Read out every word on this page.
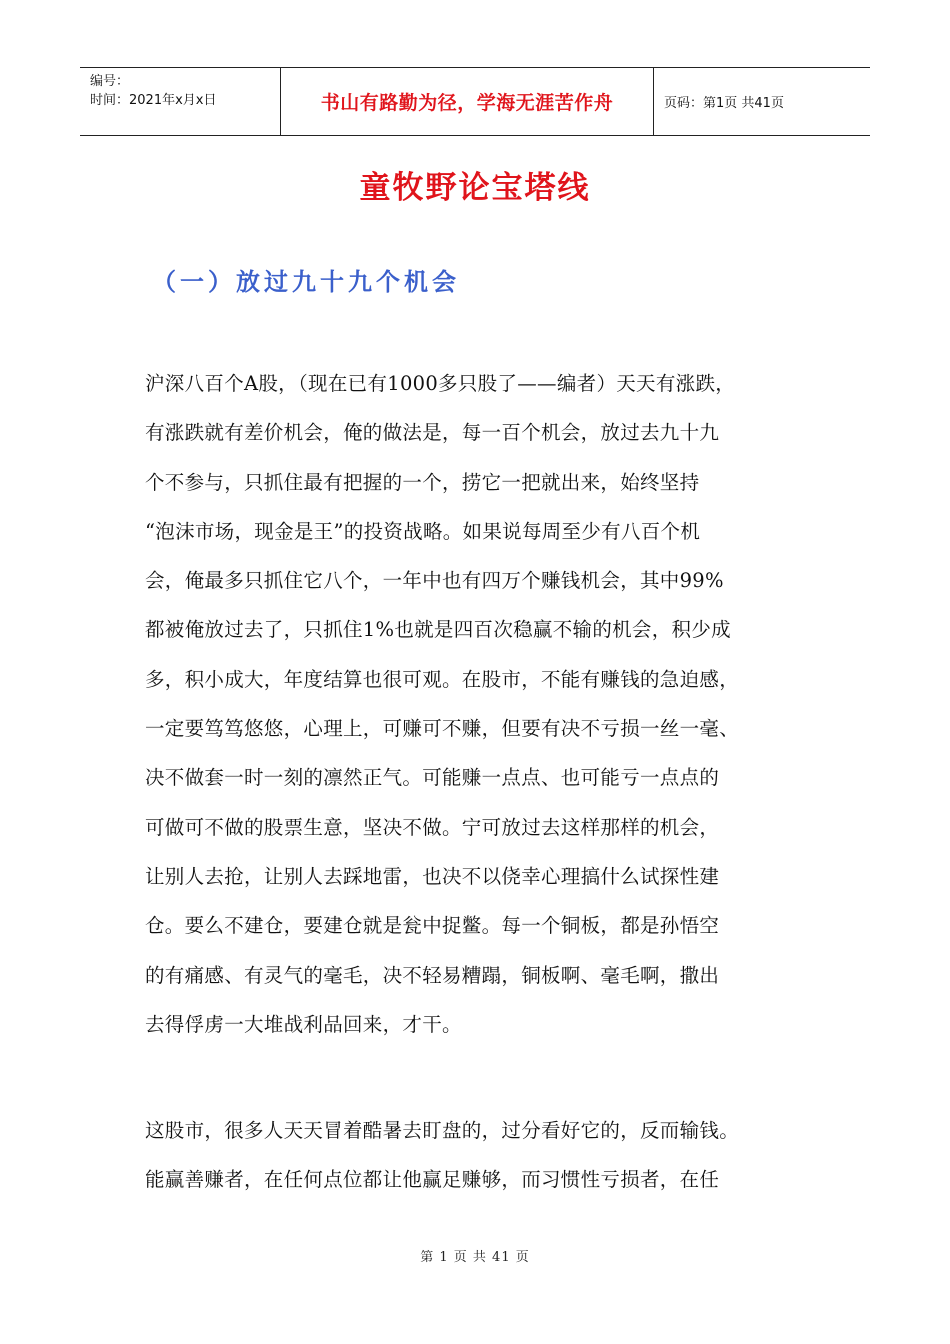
编号：
时间：2021年x月x日	书山有路勤为径，学海无涯苦作舟	页码：第1页 共41页
童牧野论宝塔线
（一）放过九十九个机会
沪深八百个A股，（现在已有1000多只股了——编者）天天有涨跌，
有涨跌就有差价机会，俺的做法是，每一百个机会，放过去九十九
个不参与，只抓住最有把握的一个，捞它一把就出来，始终坚持
“泡沫市场，现金是王”的投资战略。如果说每周至少有八百个机
会，俺最多只抓住它八个，一年中也有四万个赚钱机会，其中99%
都被俺放过去了，只抓住1%也就是四百次稳赢不输的机会，积少成
多，积小成大，年度结算也很可观。在股市，不能有赚钱的急迫感，
一定要笃笃悠悠，心理上，可赚可不赚，但要有决不亏损一丝一毫、
决不做套一时一刻的凛然正气。可能赚一点点、也可能亏一点点的
可做可不做的股票生意，坚决不做。宁可放过去这样那样的机会，
让别人去抢，让别人去踩地雷，也决不以侥幸心理搞什么试探性建
仓。要么不建仓，要建仓就是瓮中捉鳖。每一个铜板，都是孙悟空
的有痛感、有灵气的毫毛，决不轻易糟蹋，铜板啊、毫毛啊，撒出
去得俘虏一大堆战利品回来，才干。
这股市，很多人天天冒着酷暑去盯盘的，过分看好它的，反而输钱。
能赢善赚者，在任何点位都让他赢足赚够，而习惯性亏损者，在任
第 1 页 共 41 页
